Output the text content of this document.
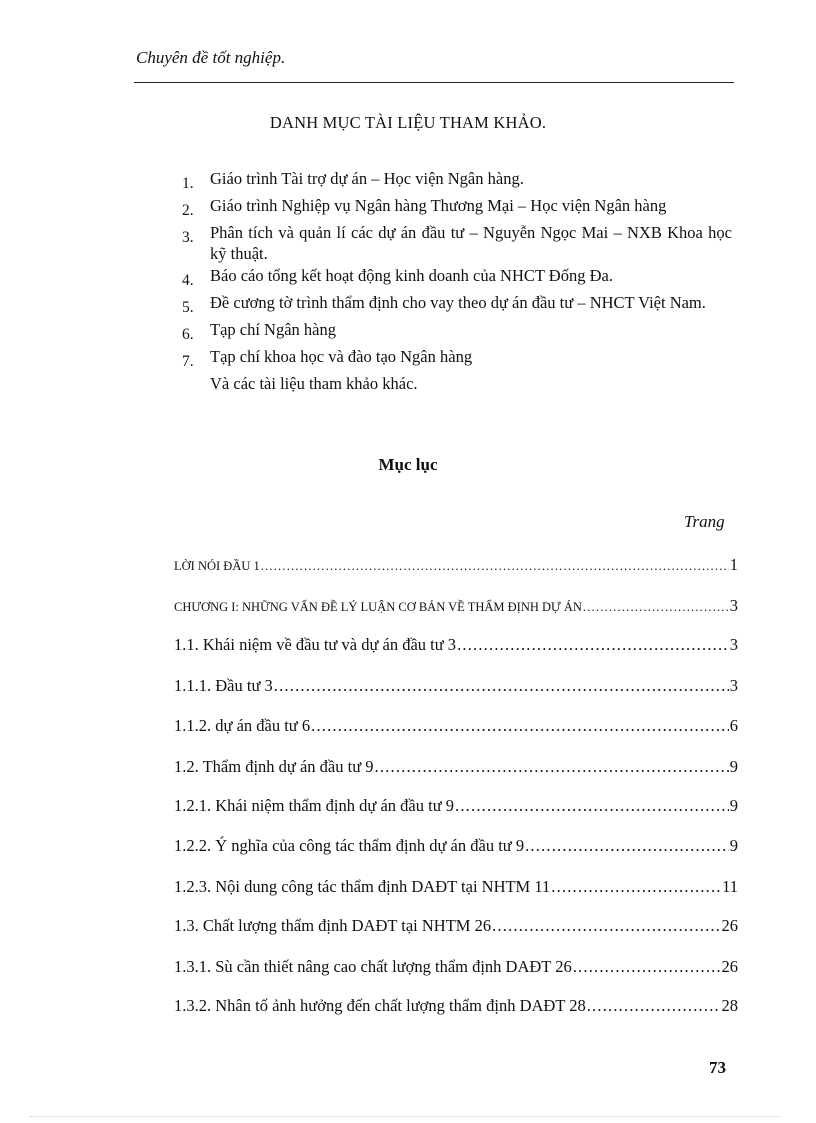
Chuyên đề tốt nghiệp.
DANH MỤC TÀI LIỆU THAM KHẢO.
1. Giáo trình Tài trợ dự án – Học viện Ngân hàng.
2. Giáo trình Nghiệp vụ Ngân hàng Thương Mại – Học viện Ngân hàng
3. Phân tích và quản lí các dự án đầu tư – Nguyễn Ngọc Mai – NXB Khoa học kỹ thuật.
4. Báo cáo tổng kết hoạt động kinh doanh của NHCT Đống Đa.
5. Đề cương tờ trình thẩm định cho vay theo dự án đầu tư – NHCT Việt Nam.
6. Tạp chí Ngân hàng
7. Tạp chí khoa học và đào tạo Ngân hàng
Và các tài liệu tham khảo khác.
Mục lục
Trang
LỜI NÓI ĐẦU 1 .....	1
CHƯƠNG I: NHỮNG VẤN ĐỀ LÝ LUẬN CƠ BẢN VỀ THẨM ĐỊNH DỰ ÁN .....	3
1.1. Khái niệm về đầu tư và dự án đầu tư 3 .....	3
1.1.1. Đầu tư 3 .....	3
1.1.2. dự án đầu tư 6 .....	6
1.2. Thẩm định dự án đầu tư 9 .....	9
1.2.1. Khái niệm thẩm định dự án đầu tư 9 .....	9
1.2.2. Ý nghĩa của công tác thẩm định dự án đầu tư 9 .....	9
1.2.3. Nội dung công tác thẩm định DAĐT tại NHTM 11 .....	11
1.3. Chất lượng thẩm định DAĐT tại NHTM 26 .....	26
1.3.1. Sù cần thiết nâng cao chất lượng thẩm định DAĐT 26 .....	26
1.3.2. Nhân tố ảnh hưởng đến chất lượng thẩm định DAĐT 28 .....	28
73
